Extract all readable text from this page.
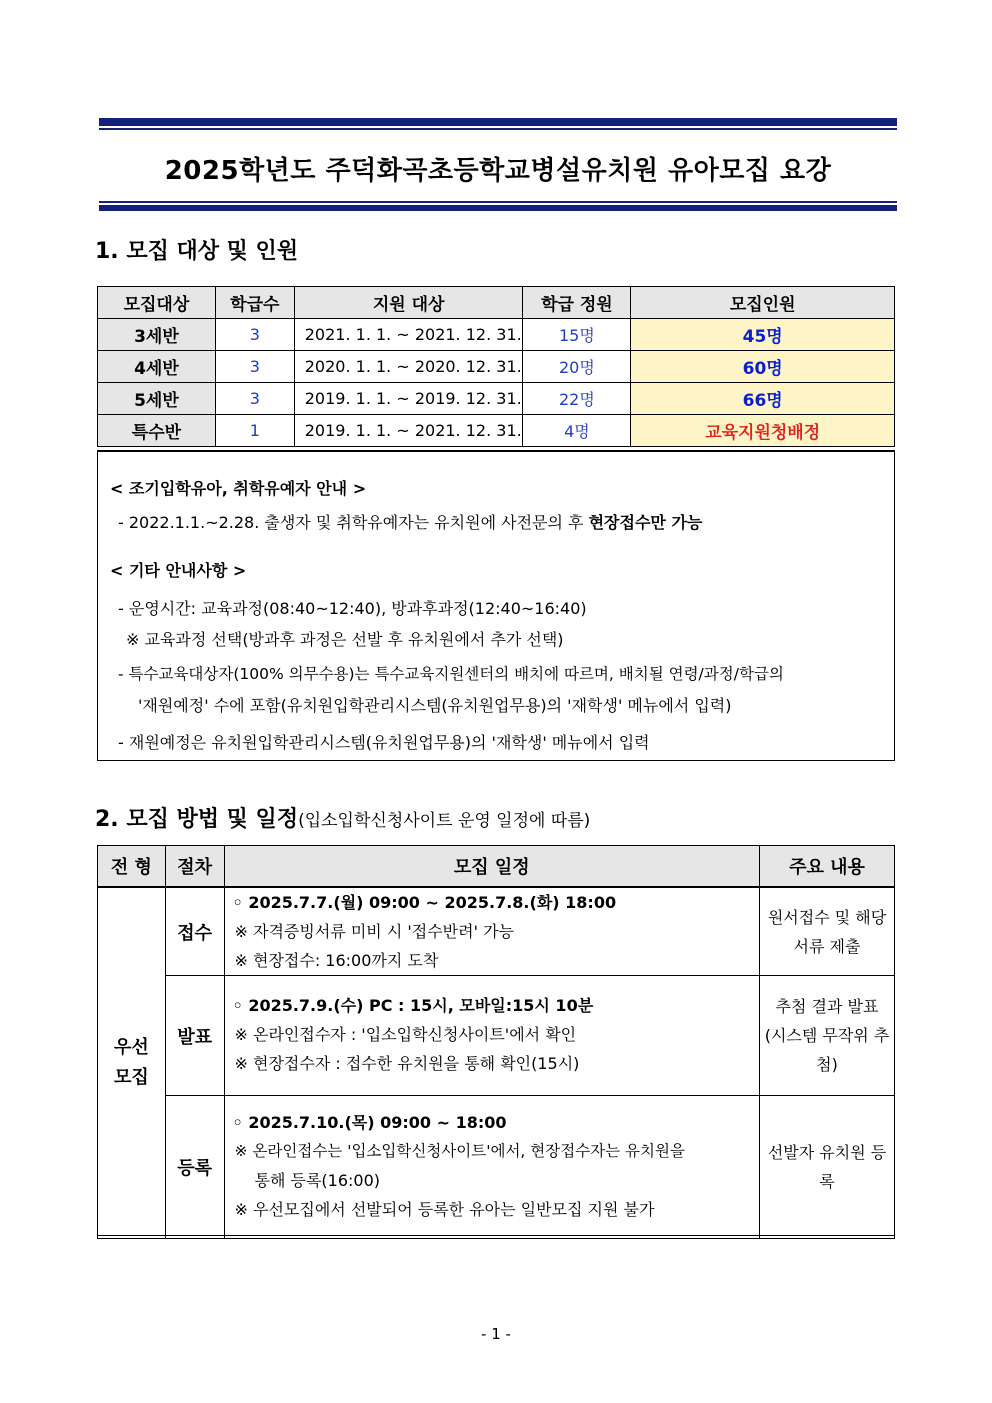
2025학년도 주덕화곡초등학교병설유치원 유아모집 요강
1. 모집 대상 및 인원
모집대상	학급수	지원 대상	학급 정원	모집인원
3세반	3	2021. 1. 1. ~ 2021. 12. 31.	15명	45명
4세반	3	2020. 1. 1. ~ 2020. 12. 31.	20명	60명
5세반	3	2019. 1. 1. ~ 2019. 12. 31.	22명	66명
특수반	1	2019. 1. 1. ~ 2021. 12. 31.	4명	교육지원청배정
< 조기입학유아, 취학유예자 안내 >
- 2022.1.1.~2.28. 출생자 및 취학유예자는 유치원에 사전문의 후 현장접수만 가능
< 기타 안내사항 >
- 운영시간: 교육과정(08:40~12:40), 방과후과정(12:40~16:40)
※ 교육과정 선택(방과후 과정은 선발 후 유치원에서 추가 선택)
- 특수교육대상자(100% 의무수용)는 특수교육지원센터의 배치에 따르며, 배치될 연령/과정/학급의
'재원예정' 수에 포함(유치원입학관리시스템(유치원업무용)의 '재학생' 메뉴에서 입력)
- 재원예정은 유치원입학관리시스템(유치원업무용)의 '재학생' 메뉴에서 입력
2. 모집 방법 및 일정(입소입학신청사이트 운영 일정에 따름)
전 형	절차	모집 일정	주요 내용

우선 모집	접수	◦ 2025.7.7.(월) 09:00 ~ 2025.7.8.(화) 18:00
※ 자격증빙서류 미비 시 '접수반려' 가능
※ 현장접수: 16:00까지 도착	원서접수 및 해당 서류 제출

	발표	◦ 2025.7.9.(수) PC : 15시, 모바일:15시 10분
※ 온라인접수자 : '입소입학신청사이트'에서 확인
※ 현장접수자 : 접수한 유치원을 통해 확인(15시)	추첨 결과 발표 (시스템 무작위 추첨)

	등록	◦ 2025.7.10.(목) 09:00 ~ 18:00
※ 온라인접수는 '입소입학신청사이트'에서, 현장접수자는 유치원을
통해 등록(16:00)
※ 우선모집에서 선발되어 등록한 유아는 일반모집 지원 불가	선발자 유치원 등록
- 1 -
